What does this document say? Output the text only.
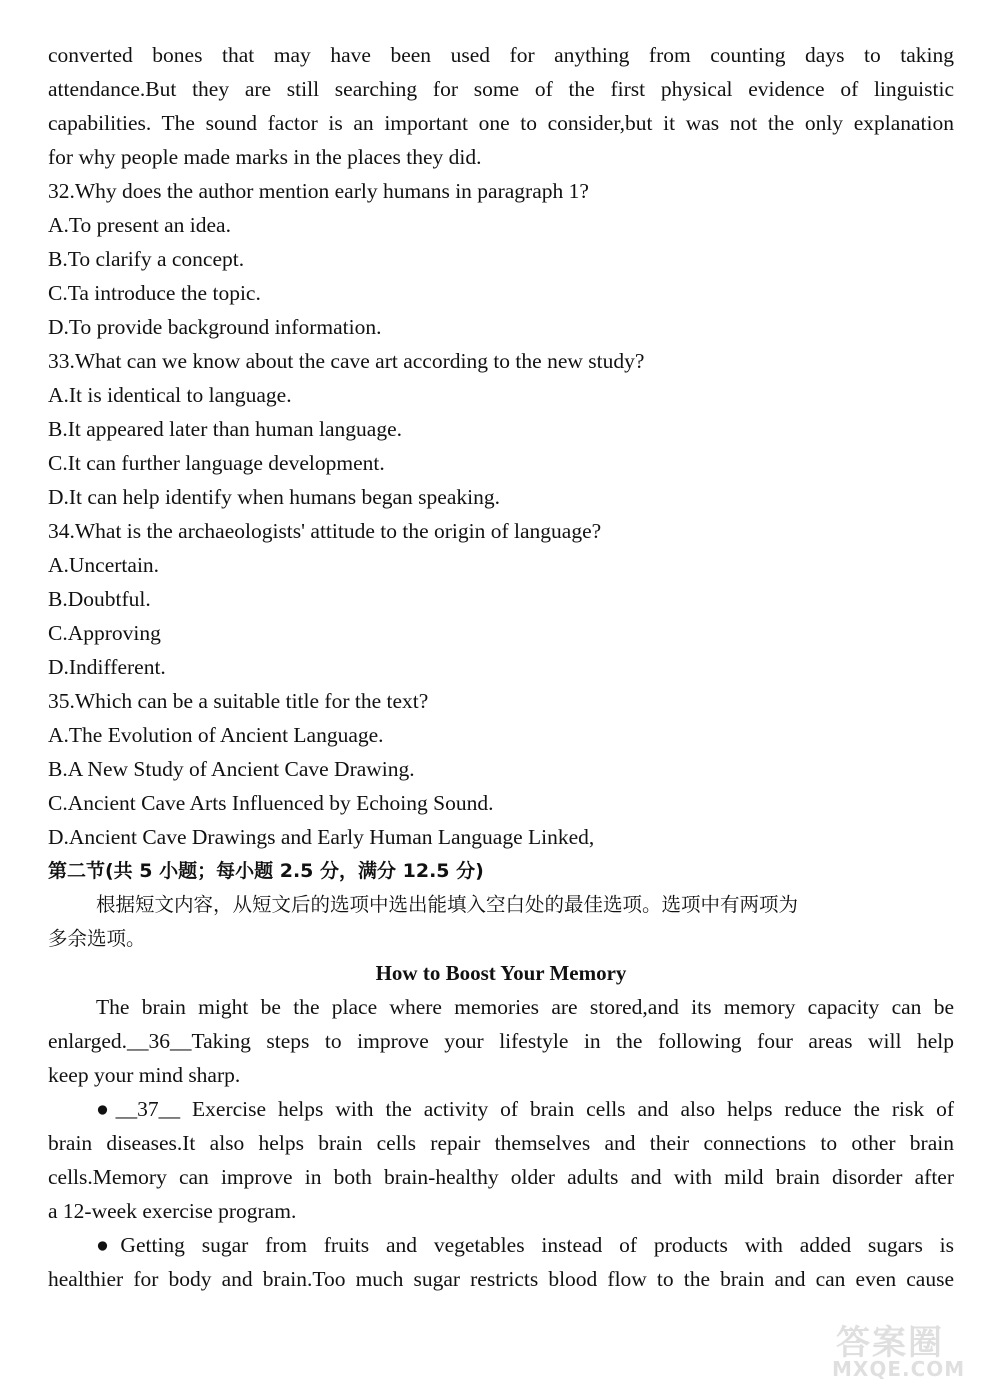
converted bones that may have been used for anything from counting days to taking

attendance.But they are still searching for some of the first physical evidence of linguistic

capabilities. The sound factor is an important one to consider,but it was not the only explanation

for why people made marks in the places they did.

32.Why does the author mention early humans in paragraph 1?

A.To present an idea.

B.To clarify a concept.

C.Ta introduce the topic.

D.To provide background information.

33.What can we know about the cave art according to the new study?

A.It is identical to language.

B.It appeared later than human language.

C.It can further language development.

D.It can help identify when humans began speaking.

34.What is the archaeologists' attitude to the origin of language?

A.Uncertain.

B.Doubtful.

C.Approving

D.Indifferent.

35.Which can be a suitable title for the text?

A.The Evolution of Ancient Language.

B.A New Study of Ancient Cave Drawing.

C.Ancient Cave Arts Influenced by Echoing Sound.

D.Ancient Cave Drawings and Early Human Language Linked,

第二节(共 5 小题；每小题 2.5 分，满分 12.5 分)

根据短文内容，从短文后的选项中选出能填入空白处的最佳选项。选项中有两项为

多余选项。

How to Boost Your Memory

The brain might be the place where memories are stored,and its memory capacity can be

enlarged.__36__Taking steps to improve your lifestyle in the following four areas will help

keep your mind sharp.

●__37__ Exercise helps with the activity of brain cells and also helps reduce the risk of

brain diseases.It also helps brain cells repair themselves and their connections to other brain

cells.Memory can improve in both brain-healthy older adults and with mild brain disorder after

a 12-week exercise program.

●Getting sugar from fruits and vegetables instead of products with added sugars is

healthier for body and brain.Too much sugar restricts blood flow to the brain and can even cause

答案圈
MXQE.COM
